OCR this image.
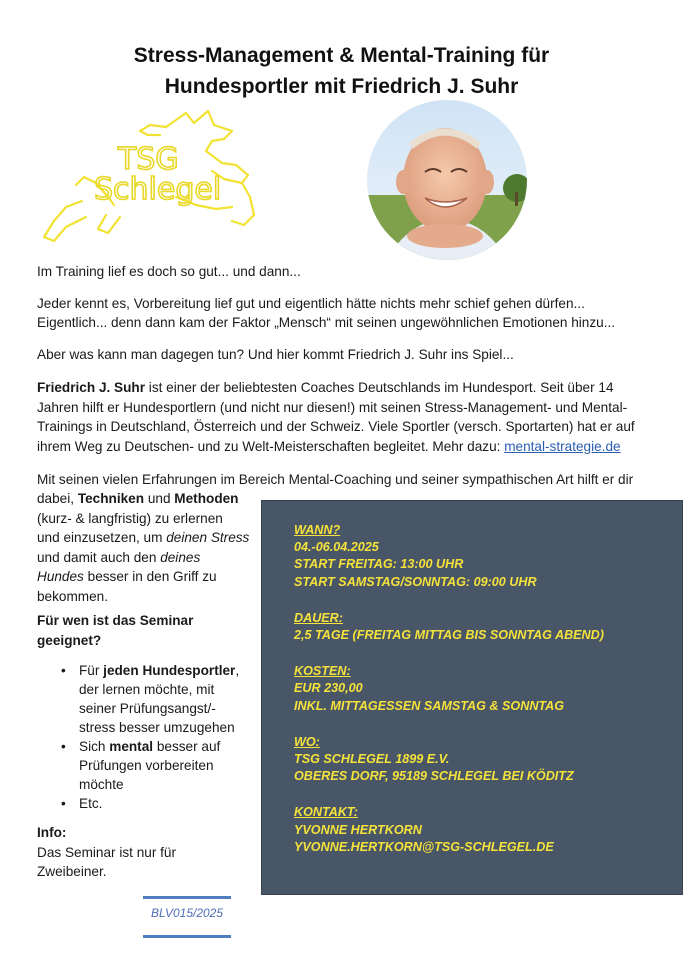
Stress-Management & Mental-Training für
Hundesportler mit Friedrich J. Suhr
TSG
Schlegel

Im Training lief es doch so gut... und dann...

Jeder kennt es, Vorbereitung lief gut und eigentlich hätte nichts mehr schief gehen dürfen...

Eigentlich... denn dann kam der Faktor „Mensch“ mit seinen ungewöhnlichen Emotionen hinzu...

Aber was kann man dagegen tun? Und hier kommt Friedrich J. Suhr ins Spiel...

Friedrich J. Suhr ist einer der beliebtesten Coaches Deutschlands im Hundesport. Seit über 14
Jahren hilft er Hundesportlern (und nicht nur diesen!) mit seinen Stress-Management- und Mental-
Trainings in Deutschland, Österreich und der Schweiz. Viele Sportler (versch. Sportarten) hat er auf
ihrem Weg zu Deutschen- und zu Welt-Meisterschaften begleitet. Mehr dazu: mental-strategie.de
Mit seinen vielen Erfahrungen im Bereich Mental-Coaching und seiner sympathischen Art hilft er dir
dabei, Techniken und Methoden
(kurz- & langfristig) zu erlernen
und einzusetzen, um deinen Stress
und damit auch den deines
Hundes besser in den Griff zu
bekommen.
Für wen ist das Seminar
geeignet?
• Für jeden Hundesportler,
der lernen möchte, mit
seiner Prüfungsangst/-
stress besser umzugehen
• Sich mental besser auf
Prüfungen vorbereiten
möchte
• Etc.
Info:
Das Seminar ist nur für
Zweibeiner.
WANN?
04.-06.04.2025
START FREITAG: 13:00 UHR
START SAMSTAG/SONNTAG: 09:00 UHR
DAUER:
2,5 TAGE (FREITAG MITTAG BIS SONNTAG ABEND)
KOSTEN:
EUR 230,00
INKL. MITTAGESSEN SAMSTAG & SONNTAG
WO:
TSG SCHLEGEL 1899 E.V.
OBERES DORF, 95189 SCHLEGEL BEI KÖDITZ
KONTAKT:
YVONNE HERTKORN
YVONNE.HERTKORN@TSG-SCHLEGEL.DE
BLV015/2025
